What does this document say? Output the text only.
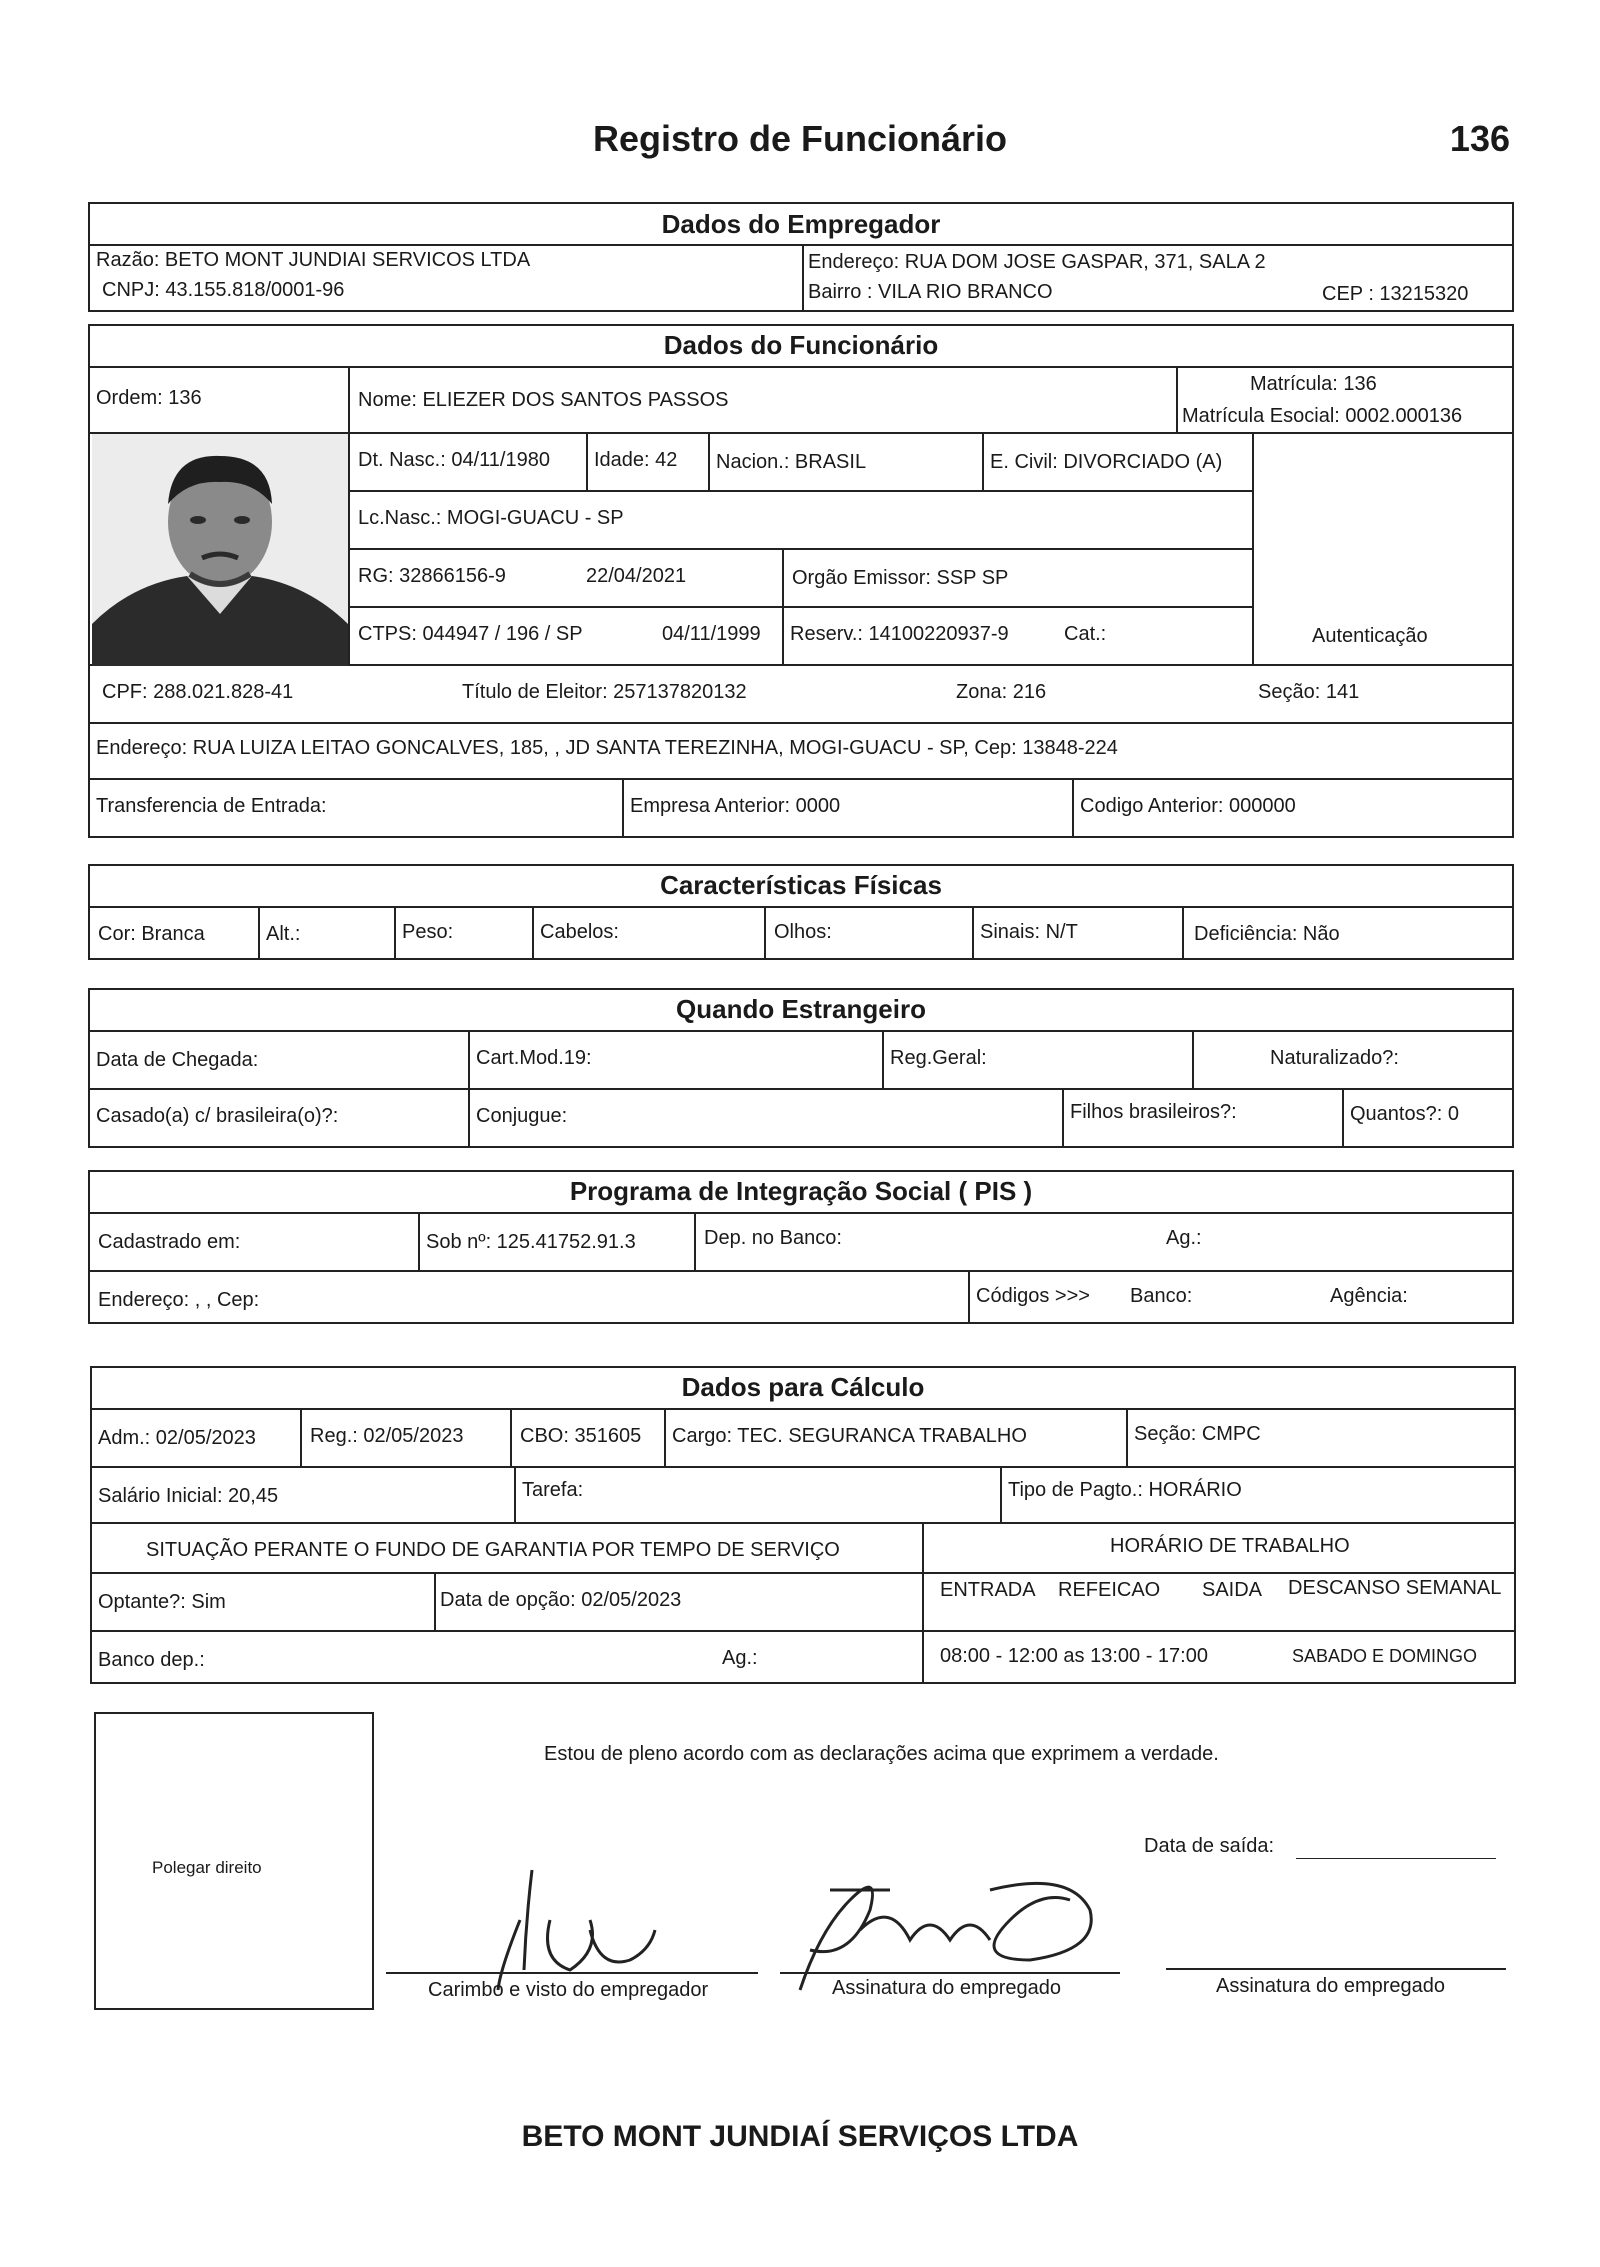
Registro de Funcionário	136
Dados do Empregador
Razão: BETO MONT JUNDIAI SERVICOS LTDA
CNPJ: 43.155.818/0001-96
Endereço: RUA DOM JOSE GASPAR, 371, SALA 2
Bairro : VILA RIO BRANCO	CEP : 13215320
Dados do Funcionário
Ordem: 136	Nome: ELIEZER DOS SANTOS PASSOS
Matrícula: 136
Matrícula Esocial: 0002.000136
Dt. Nasc.: 04/11/1980 Idade: 42 Nacion.: BRASIL	E. Civil: DIVORCIADO (A)
Lc.Nasc.: MOGI-GUACU - SP
RG: 32866156-9	22/04/2021	Orgão Emissor: SSP SP
CTPS: 044947 / 196 / SP	04/11/1999 Reserv.: 14100220937-9	Cat.:	Autenticação
CPF: 288.021.828-41	Título de Eleitor: 257137820132	Zona: 216	Seção: 141
Endereço: RUA LUIZA LEITAO GONCALVES, 185, , JD SANTA TEREZINHA, MOGI-GUACU - SP, Cep: 13848-224
Transferencia de Entrada:	Empresa Anterior: 0000	Codigo Anterior: 000000
Características Físicas
Cor: Branca	Alt.:	Peso:	Cabelos:	Olhos:	Sinais: N/T	Deficiência: Não
Quando Estrangeiro
Data de Chegada:	Cart.Mod.19:	Reg.Geral:	Naturalizado?:
Casado(a) c/ brasileira(o)?:	Conjugue:	Filhos brasileiros?:	Quantos?: 0
Programa de Integração Social ( PIS )
Cadastrado em:	Sob nº: 125.41752.91.3	Dep. no Banco:	Ag.:
Endereço: , , Cep:	Códigos >>> Banco:	Agência:
Dados para Cálculo
Adm.: 02/05/2023	Reg.: 02/05/2023	CBO: 351605 Cargo: TEC. SEGURANCA TRABALHO	Seção: CMPC
Salário Inicial: 20,45	Tarefa:	Tipo de Pagto.: HORÁRIO
SITUAÇÃO PERANTE O FUNDO DE GARANTIA POR TEMPO DE SERVIÇO	HORÁRIO DE TRABALHO
Optante?: Sim	Data de opção: 02/05/2023	ENTRADA REFEICAO SAIDA DESCANSO SEMANAL
Banco dep.:	Ag.:	08:00 - 12:00 as 13:00 - 17:00	SABADO E DOMINGO
Polegar direito
Estou de pleno acordo com as declarações acima que exprimem a verdade.
Data de saída:
Carimbo e visto do empregador	Assinatura do empregado	Assinatura do empregado
BETO MONT JUNDIAÍ SERVIÇOS LTDA
